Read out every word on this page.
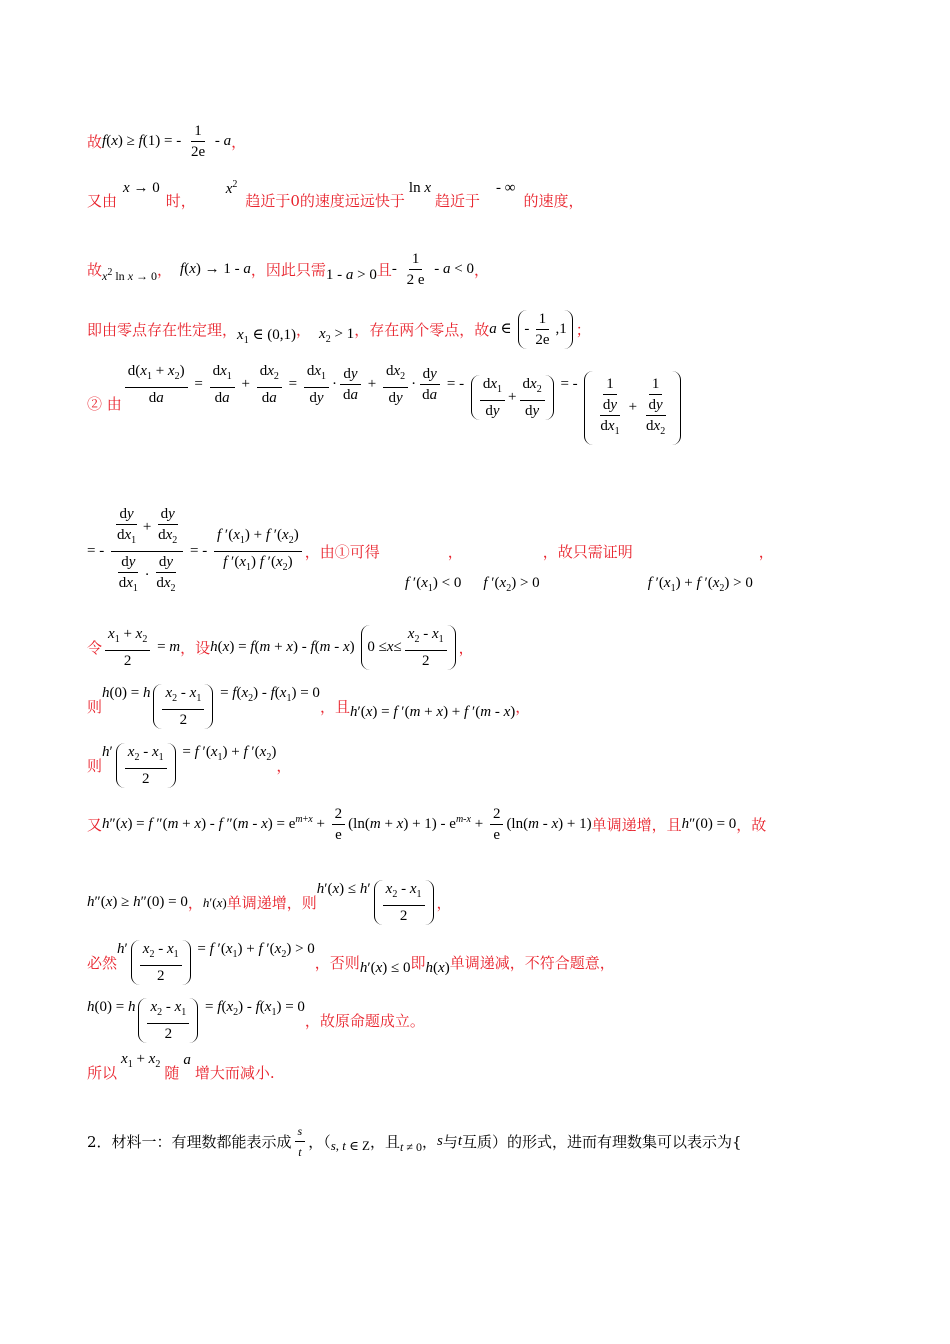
故 f(x) ≥ f(1) = - $\frac{1}{2e}$ - a ，
又由
x → 0
时，
$x^2$
趋近于0的速度远远快于
ln x
趋近于
- ∞
的速度，
故 $x^2$ ln x → 0 ， f(x) → 1 - a ，因此只需 1 - a > 0 且 - $\frac{1}{2 e} - a < 0$ ，
即由零点存在性定理， $x_1$ ∈ (0,1) ， $x_2 > 1$ ，存在两个零点，故 a ∈ - $\frac{1}{2e} ,1$ ；
② 由 $\frac{d(x_1 + x_2)}{da} = \frac{dx_1}{da} + \frac{dx_2}{da} = \frac{dx_1}{dy} \cdot \frac{dy}{da} + \frac{dx_2}{dy} \cdot \frac{dy}{da}$ = - $\frac{dx_1}{dy} + \frac{dx_2}{dy}$ = - $\frac{1}{\frac{dy}{dx_1}} + \frac{1}{\frac{dy}{dx_2}}$
= - $\frac{\frac{dy}{dx_1} + \frac{dy}{dx_2}}{\frac{dy}{dx_1} \cdot \frac{dy}{dx_2}}$ = - $\frac{f '(x_1) + f '(x_2)}{f '(x_1) f '(x_2)}$ ，由①可得	，	，故只需证明	，
f $'(x_1) < 0$ f $'(x_2) > 0$	f $'(x_1) + f$ $'(x_2) > 0$
令 $\frac{x_1 + x_2}{2} = m$ ，设 h(x) = f(m + x) - f(m - x) $0 \le x \le \frac{x_2 - x_1}{2}$ ，
则
h(0) = h $\frac{x_2 - x_1}{2} = f(x_2) - f(x_1) = 0$
，且 h′(x) = f ′(m + x) + f ′(m - x) ，
则
$h' \frac{x_2 - x_1}{2} = f$ $'(x_1) + f$ $'(x_2)$
，
又 h″(x) = f ″(m + x) - f $''(m - x) = e^{m+x} + \frac{2}{e} (\ln(m + x) + 1) - e^{m-x} + \frac{2}{e} (\ln(m - x) + 1)$ 单调递增，且 h″(0) = 0 ，故
h″(x) ≥ h″(0) = 0 ， h′(x) 单调递增，则
$h'(x) \le h' \frac{x_2 - x_1}{2}$ ，
必然
$h' \frac{x_2 - x_1}{2} = f$ $'(x_1) + f$ $'(x_2) > 0$
，否则 h′(x) ≤ 0 即 h(x) 单调递减，不符合题意，
h(0) = h $\frac{x_2 - x_1}{2} = f(x_2) - f(x_1) = 0$
，故原命题成立。
所以
$x_1 + x_2$ 随
a
增大而减小.
2．材料一：有理数都能表示成 $\frac{s}{t}$ ，（ s, t ∈ Z ，且 t ≠ 0 ， s 与 t 互质）的形式，进而有理数集可以表示为{
